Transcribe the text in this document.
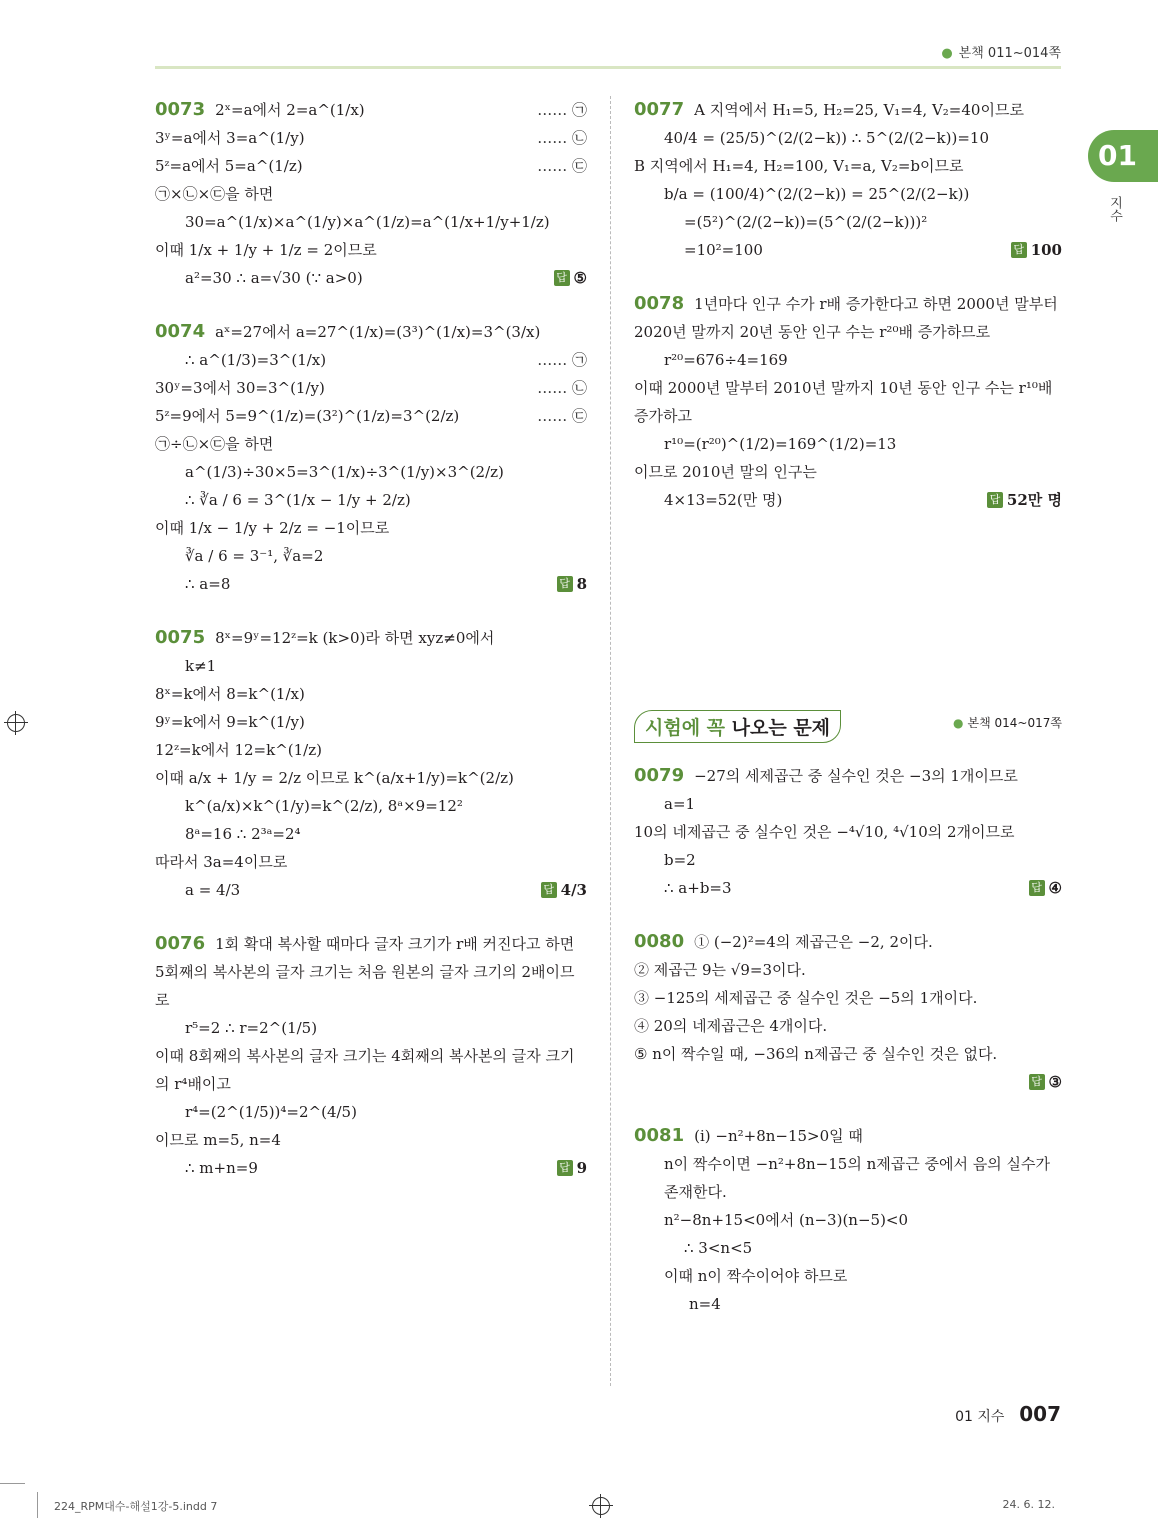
● 본책 011~014쪽
01
지수
0073 2ˣ=a에서 2=a^(1/x)	…… ㉠
3ʸ=a에서 3=a^(1/y)	…… ㉡
5ᶻ=a에서 5=a^(1/z)	…… ㉢
㉠×㉡×㉢을 하면
30=a^(1/x)×a^(1/y)×a^(1/z)=a^(1/x+1/y+1/z)
이때 1/x + 1/y + 1/z = 2이므로
a²=30 ∴ a=√30 (∵ a>0)	답 ⑤
0074 aˣ=27에서 a=27^(1/x)=(3³)^(1/x)=3^(3/x)
∴ a^(1/3)=3^(1/x)	…… ㉠
30ʸ=3에서 30=3^(1/y)	…… ㉡
5ᶻ=9에서 5=9^(1/z)=(3²)^(1/z)=3^(2/z)	…… ㉢
㉠÷㉡×㉢을 하면
a^(1/3)÷30×5=3^(1/x)÷3^(1/y)×3^(2/z)
∴ ∛a / 6 = 3^(1/x − 1/y + 2/z)
이때 1/x − 1/y + 2/z = −1이므로
∛a / 6 = 3⁻¹, ∛a=2
∴ a=8	답 8
0075 8ˣ=9ʸ=12ᶻ=k (k>0)라 하면 xyz≠0에서
k≠1
8ˣ=k에서 8=k^(1/x)
9ʸ=k에서 9=k^(1/y)
12ᶻ=k에서 12=k^(1/z)
이때 a/x + 1/y = 2/z 이므로 k^(a/x+1/y)=k^(2/z)
k^(a/x)×k^(1/y)=k^(2/z), 8ᵃ×9=12²
8ᵃ=16 ∴ 2³ᵃ=2⁴
따라서 3a=4이므로
a = 4/3	답 4/3
0076 1회 확대 복사할 때마다 글자 크기가 r배 커진다고 하면 5회째의 복사본의 글자 크기는 처음 원본의 글자 크기의 2배이므로
r⁵=2 ∴ r=2^(1/5)
이때 8회째의 복사본의 글자 크기는 4회째의 복사본의 글자 크기의 r⁴배이고
r⁴=(2^(1/5))⁴=2^(4/5)
이므로 m=5, n=4
∴ m+n=9	답 9
0077 A 지역에서 H₁=5, H₂=25, V₁=4, V₂=40이므로
40/4 = (25/5)^(2/(2−k)) ∴ 5^(2/(2−k))=10
B 지역에서 H₁=4, H₂=100, V₁=a, V₂=b이므로
b/a = (100/4)^(2/(2−k)) = 25^(2/(2−k))
=(5²)^(2/(2−k))=(5^(2/(2−k)))²
=10²=100	답 100
0078 1년마다 인구 수가 r배 증가한다고 하면 2000년 말부터 2020년 말까지 20년 동안 인구 수는 r²⁰배 증가하므로
r²⁰=676÷4=169
이때 2000년 말부터 2010년 말까지 10년 동안 인구 수는 r¹⁰배 증가하고
r¹⁰=(r²⁰)^(1/2)=169^(1/2)=13
이므로 2010년 말의 인구는
4×13=52(만 명)	답 52만 명
시험에 꼭 나오는 문제	● 본책 014~017쪽
0079 −27의 세제곱근 중 실수인 것은 −3의 1개이므로
a=1
10의 네제곱근 중 실수인 것은 −⁴√10, ⁴√10의 2개이므로
b=2
∴ a+b=3	답 ④
0080 ① (−2)²=4의 제곱근은 −2, 2이다.
② 제곱근 9는 √9=3이다.
③ −125의 세제곱근 중 실수인 것은 −5의 1개이다.
④ 20의 네제곱근은 4개이다.
⑤ n이 짝수일 때, −36의 n제곱근 중 실수인 것은 없다.
답 ③
0081 (i) −n²+8n−15>0일 때
n이 짝수이면 −n²+8n−15의 n제곱근 중에서 음의 실수가 존재한다.
n²−8n+15<0에서 (n−3)(n−5)<0
∴ 3<n<5
이때 n이 짝수이어야 하므로
n=4
01 지수 007
224_RPM대수-해설1강-5.indd 7	24. 6. 12.
